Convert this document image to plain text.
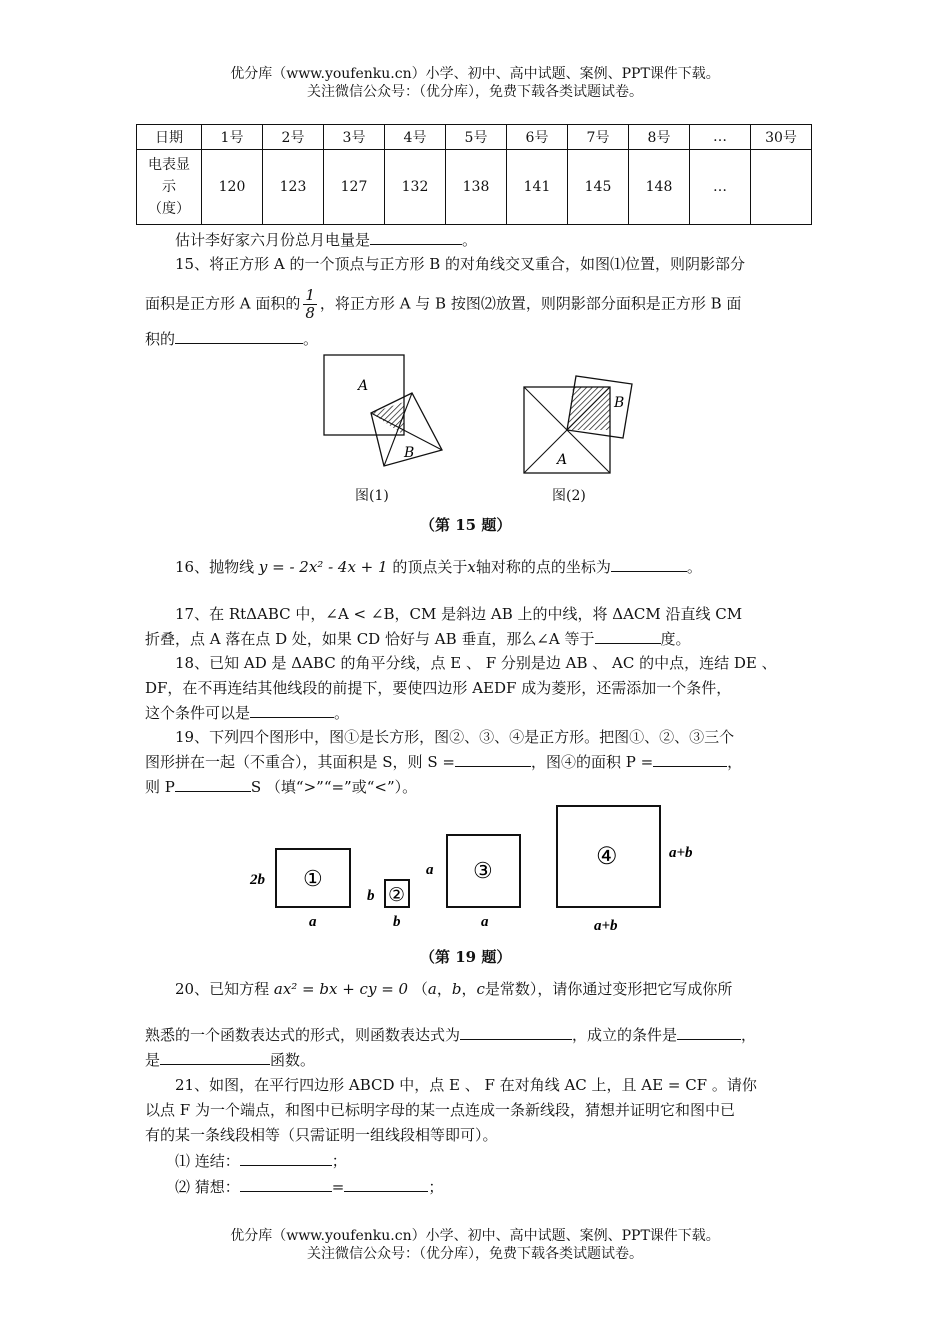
优分库（www.youfenku.cn）小学、初中、高中试题、案例、PPT课件下载。
关注微信公众号：（优分库），免费下载各类试题试卷。
日期	1号	2号	3号	4号	5号	6号	7号	8号	…	30号

电表显
示
（度）	120	123	127	132	138	141	145	148	…	
估计李好家六月份总月电量是	。
15、将正方形 A 的一个顶点与正方形 B 的对角线交叉重合，如图⑴位置，则阴影部分
面积是正方形 A 面积的 $\frac{1}{8}$ ，将正方形 A 与 B 按图⑵放置，则阴影部分面积是正方形 B 面
积的	。
A
B
B
A
图(1)	图(2)
（第 15 题）
16、抛物线 y = - 2x² - 4x + 1 的顶点关于x轴对称的点的坐标为	。
17、在 RtΔABC 中，∠A < ∠B，CM 是斜边 AB 上的中线，将 ΔACM 沿直线 CM
折叠，点 A 落在点 D 处，如果 CD 恰好与 AB 垂直，那么∠A 等于	度。
18、已知 AD 是 ΔABC 的角平分线，点 E 、 F 分别是边 AB 、 AC 的中点，连结 DE 、
DF，在不再连结其他线段的前提下，要使四边形 AEDF 成为菱形，还需添加一个条件，
这个条件可以是	。
19、下列四个图形中，图①是长方形，图②、③、④是正方形。把图①、②、③三个
图形拼在一起（不重合），其面积是 S，则 S =	，图④的面积 P =	，
则 P	S （填“>”“=”或“<”）。
①
2b
a
②
b
b
③
a
a
④	a+b
a+b
（第 19 题）
20、已知方程 ax² = bx + cy = 0 （a，b，c是常数），请你通过变形把它写成你所
熟悉的一个函数表达式的形式，则函数表达式为	，成立的条件是	，
是	函数。
21、如图，在平行四边形 ABCD 中，点 E 、 F 在对角线 AC 上，且 AE = CF 。请你
以点 F 为一个端点，和图中已标明字母的某一点连成一条新线段，猜想并证明它和图中已
有的某一条线段相等（只需证明一组线段相等即可）。
⑴ 连结：	；
⑵ 猜想：	=	；
优分库（www.youfenku.cn）小学、初中、高中试题、案例、PPT课件下载。
关注微信公众号：（优分库），免费下载各类试题试卷。
